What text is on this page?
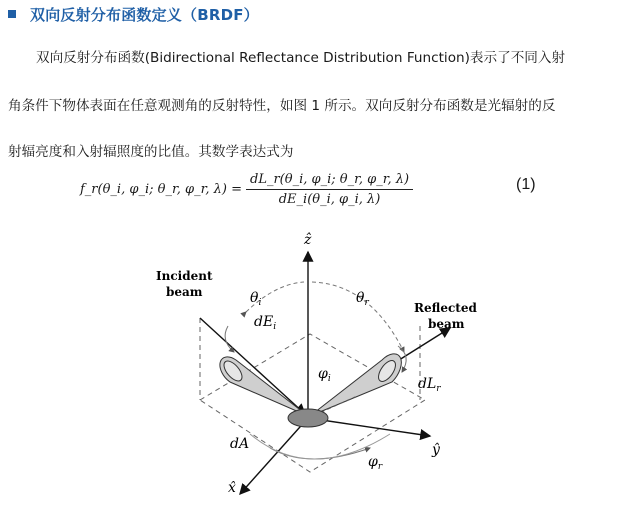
双向反射分布函数定义（BRDF）
双向反射分布函数(Bidirectional Reflectance Distribution Function)表示了不同入射
角条件下物体表面在任意观测角的反射特性，如图 1 所示。双向反射分布函数是光辐射的反
射辐亮度和入射辐照度的比值。其数学表达式为
f_r(θ_i, φ_i; θ_r, φ_r, $\lambda) = \frac{dL\_r(\theta\_i, \varphi\_i; \theta\_r, \varphi\_r, \lambda)}{dE\_i(\theta\_i, \varphi\_i, \lambda)}$	(1)
Incident
beam
Reflected
beam
ẑ
ŷ
x̂
$\theta_i$	$\theta_r$
$dE_i$
$dL_r$
$\varphi_i$
$\varphi_r$
dA
